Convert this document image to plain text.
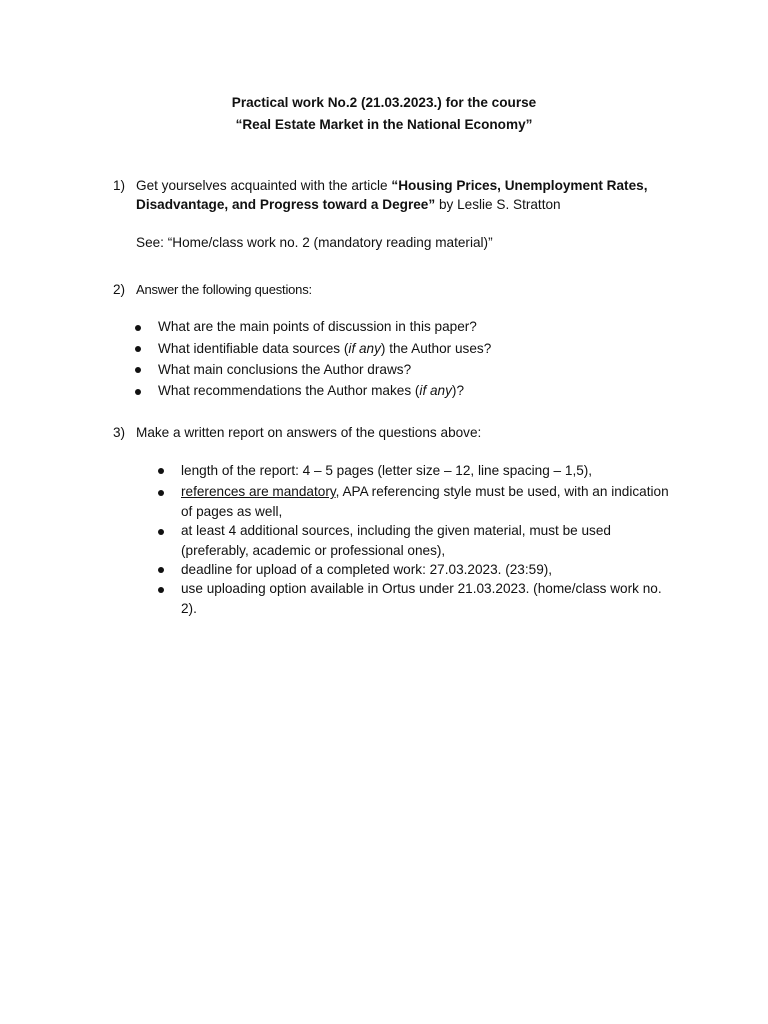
Practical work No.2 (21.03.2023.) for the course
“Real Estate Market in the National Economy”
1) Get yourselves acquainted with the article “Housing Prices, Unemployment Rates, Disadvantage, and Progress toward a Degree” by Leslie S. Stratton
See: “Home/class work no. 2 (mandatory reading material)”
2) Answer the following questions:
What are the main points of discussion in this paper?
What identifiable data sources (if any) the Author uses?
What main conclusions the Author draws?
What recommendations the Author makes (if any)?
3) Make a written report on answers of the questions above:
length of the report: 4 – 5 pages (letter size – 12, line spacing – 1,5),
references are mandatory, APA referencing style must be used, with an indication of pages as well,
at least 4 additional sources, including the given material, must be used (preferably, academic or professional ones),
deadline for upload of a completed work: 27.03.2023. (23:59),
use uploading option available in Ortus under 21.03.2023. (home/class work no. 2).
